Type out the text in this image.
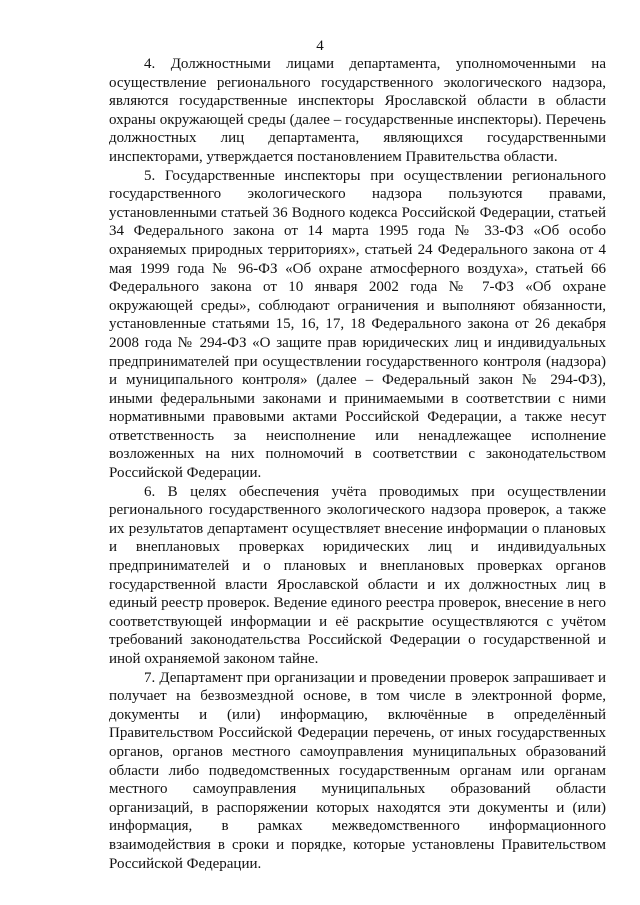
4

4. Должностными лицами департамента, уполномоченными на осуществление регионального государственного экологического надзора, являются государственные инспекторы Ярославской области в области охраны окружающей среды (далее – государственные инспекторы). Перечень должностных лиц департамента, являющихся государственными инспекторами, утверждается постановлением Правительства области.

5. Государственные инспекторы при осуществлении регионального государственного экологического надзора пользуются правами, установленными статьей 36 Водного кодекса Российской Федерации, статьей 34 Федерального закона от 14 марта 1995 года № 33-ФЗ «Об особо охраняемых природных территориях», статьей 24 Федерального закона от 4 мая 1999 года № 96-ФЗ «Об охране атмосферного воздуха», статьей 66 Федерального закона от 10 января 2002 года № 7-ФЗ «Об охране окружающей среды», соблюдают ограничения и выполняют обязанности, установленные статьями 15, 16, 17, 18 Федерального закона от 26 декабря 2008 года № 294-ФЗ «О защите прав юридических лиц и индивидуальных предпринимателей при осуществлении государственного контроля (надзора) и муниципального контроля» (далее – Федеральный закон № 294-ФЗ), иными федеральными законами и принимаемыми в соответствии с ними нормативными правовыми актами Российской Федерации, а также несут ответственность за неисполнение или ненадлежащее исполнение возложенных на них полномочий в соответствии с законодательством Российской Федерации.

6. В целях обеспечения учёта проводимых при осуществлении регионального государственного экологического надзора проверок, а также их результатов департамент осуществляет внесение информации о плановых и внеплановых проверках юридических лиц и индивидуальных предпринимателей и о плановых и внеплановых проверках органов государственной власти Ярославской области и их должностных лиц в единый реестр проверок. Ведение единого реестра проверок, внесение в него соответствующей информации и её раскрытие осуществляются с учётом требований законодательства Российской Федерации о государственной и иной охраняемой законом тайне.

7. Департамент при организации и проведении проверок запрашивает и получает на безвозмездной основе, в том числе в электронной форме, документы и (или) информацию, включённые в определённый Правительством Российской Федерации перечень, от иных государственных органов, органов местного самоуправления муниципальных образований области либо подведомственных государственным органам или органам местного самоуправления муниципальных образований области организаций, в распоряжении которых находятся эти документы и (или) информация, в рамках межведомственного информационного взаимодействия в сроки и порядке, которые установлены Правительством Российской Федерации.
